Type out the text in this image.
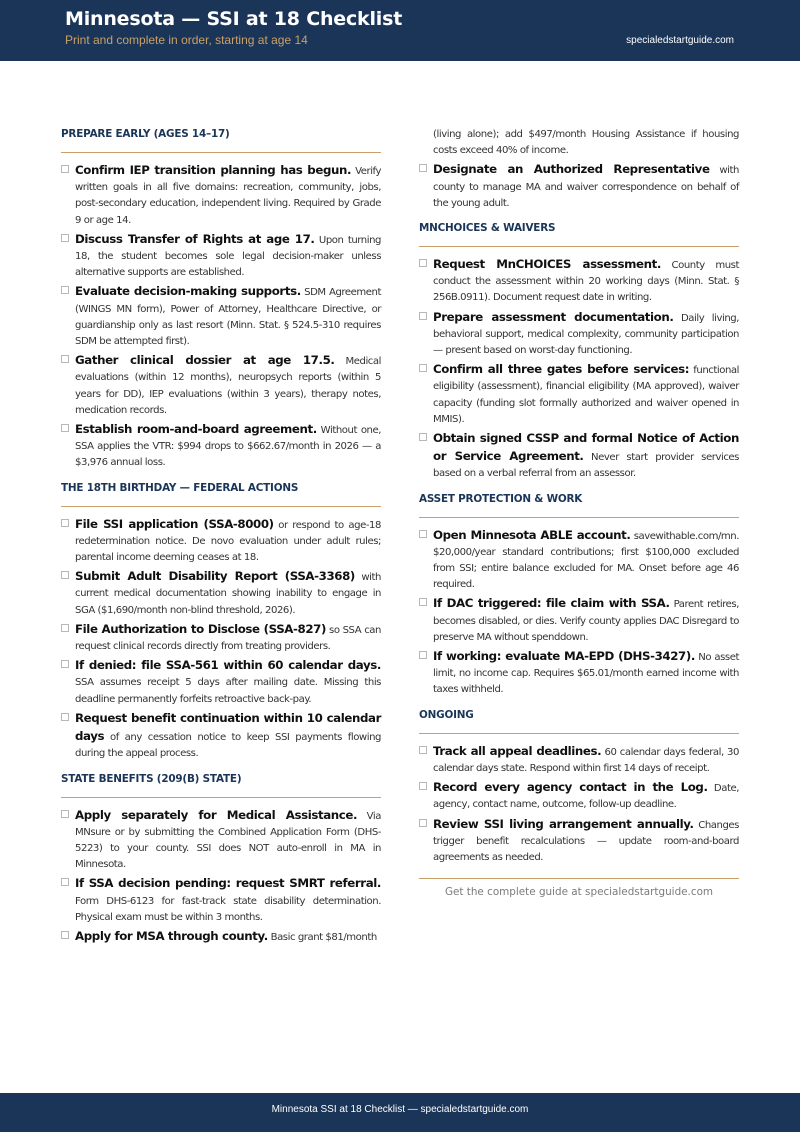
Minnesota — SSI at 18 Checklist
Print and complete in order, starting at age 14	specialedstartguide.com
PREPARE EARLY (AGES 14–17)
Confirm IEP transition planning has begun. Verify written goals in all five domains: recreation, community, jobs, post-secondary education, independent living. Required by Grade 9 or age 14.
Discuss Transfer of Rights at age 17. Upon turning 18, the student becomes sole legal decision-maker unless alternative supports are established.
Evaluate decision-making supports. SDM Agreement (WINGS MN form), Power of Attorney, Healthcare Directive, or guardianship only as last resort (Minn. Stat. § 524.5-310 requires SDM be attempted first).
Gather clinical dossier at age 17.5. Medical evaluations (within 12 months), neuropsych reports (within 5 years for DD), IEP evaluations (within 3 years), therapy notes, medication records.
Establish room-and-board agreement. Without one, SSA applies the VTR: $994 drops to $662.67/month in 2026 — a $3,976 annual loss.
THE 18TH BIRTHDAY — FEDERAL ACTIONS
File SSI application (SSA-8000) or respond to age-18 redetermination notice. De novo evaluation under adult rules; parental income deeming ceases at 18.
Submit Adult Disability Report (SSA-3368) with current medical documentation showing inability to engage in SGA ($1,690/month non-blind threshold, 2026).
File Authorization to Disclose (SSA-827) so SSA can request clinical records directly from treating providers.
If denied: file SSA-561 within 60 calendar days. SSA assumes receipt 5 days after mailing date. Missing this deadline permanently forfeits retroactive back-pay.
Request benefit continuation within 10 calendar days of any cessation notice to keep SSI payments flowing during the appeal process.
STATE BENEFITS (209(B) STATE)
Apply separately for Medical Assistance. Via MNsure or by submitting the Combined Application Form (DHS-5223) to your county. SSI does NOT auto-enroll in MA in Minnesota.
If SSA decision pending: request SMRT referral. Form DHS-6123 for fast-track state disability determination. Physical exam must be within 3 months.
Apply for MSA through county. Basic grant $81/month
(living alone); add $497/month Housing Assistance if housing costs exceed 40% of income.
Designate an Authorized Representative with county to manage MA and waiver correspondence on behalf of the young adult.
MNCHOICES & WAIVERS
Request MnCHOICES assessment. County must conduct the assessment within 20 working days (Minn. Stat. § 256B.0911). Document request date in writing.
Prepare assessment documentation. Daily living, behavioral support, medical complexity, community participation — present based on worst-day functioning.
Confirm all three gates before services: functional eligibility (assessment), financial eligibility (MA approved), waiver capacity (funding slot formally authorized and waiver opened in MMIS).
Obtain signed CSSP and formal Notice of Action or Service Agreement. Never start provider services based on a verbal referral from an assessor.
ASSET PROTECTION & WORK
Open Minnesota ABLE account. savewithable.com/mn. $20,000/year standard contributions; first $100,000 excluded from SSI; entire balance excluded for MA. Onset before age 46 required.
If DAC triggered: file claim with SSA. Parent retires, becomes disabled, or dies. Verify county applies DAC Disregard to preserve MA without spenddown.
If working: evaluate MA-EPD (DHS-3427). No asset limit, no income cap. Requires $65.01/month earned income with taxes withheld.
ONGOING
Track all appeal deadlines. 60 calendar days federal, 30 calendar days state. Respond within first 14 days of receipt.
Record every agency contact in the Log. Date, agency, contact name, outcome, follow-up deadline.
Review SSI living arrangement annually. Changes trigger benefit recalculations — update room-and-board agreements as needed.
Get the complete guide at specialedstartguide.com
Minnesota SSI at 18 Checklist — specialedstartguide.com
